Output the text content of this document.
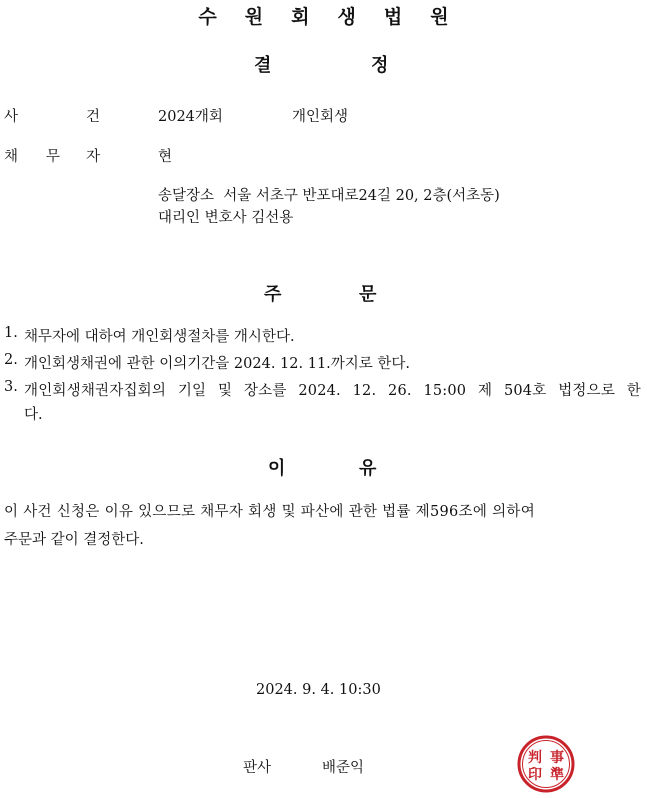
수 원 회 생 법 원
결	정
사	건	2024개회	개인회생
채 무 자	현
송달장소  서울 서초구 반포대로24길 20, 2층(서초동)
대리인 변호사 김선용
주	문
1. 채무자에 대하여 개인회생절차를 개시한다.
2. 개인회생채권에 관한 이의기간을 2024. 12. 11.까지로 한다.
3. 개인회생채권자집회의 기일 및 장소를 2024. 12. 26. 15:00 제 504호 법정으로 한
다.
이	유
이 사건 신청은 이유 있으므로 채무자 회생 및 파산에 관한 법률 제596조에 의하여
주문과 같이 결정한다.
2024. 9. 4. 10:30
판사	배준익
判 事
印 準
